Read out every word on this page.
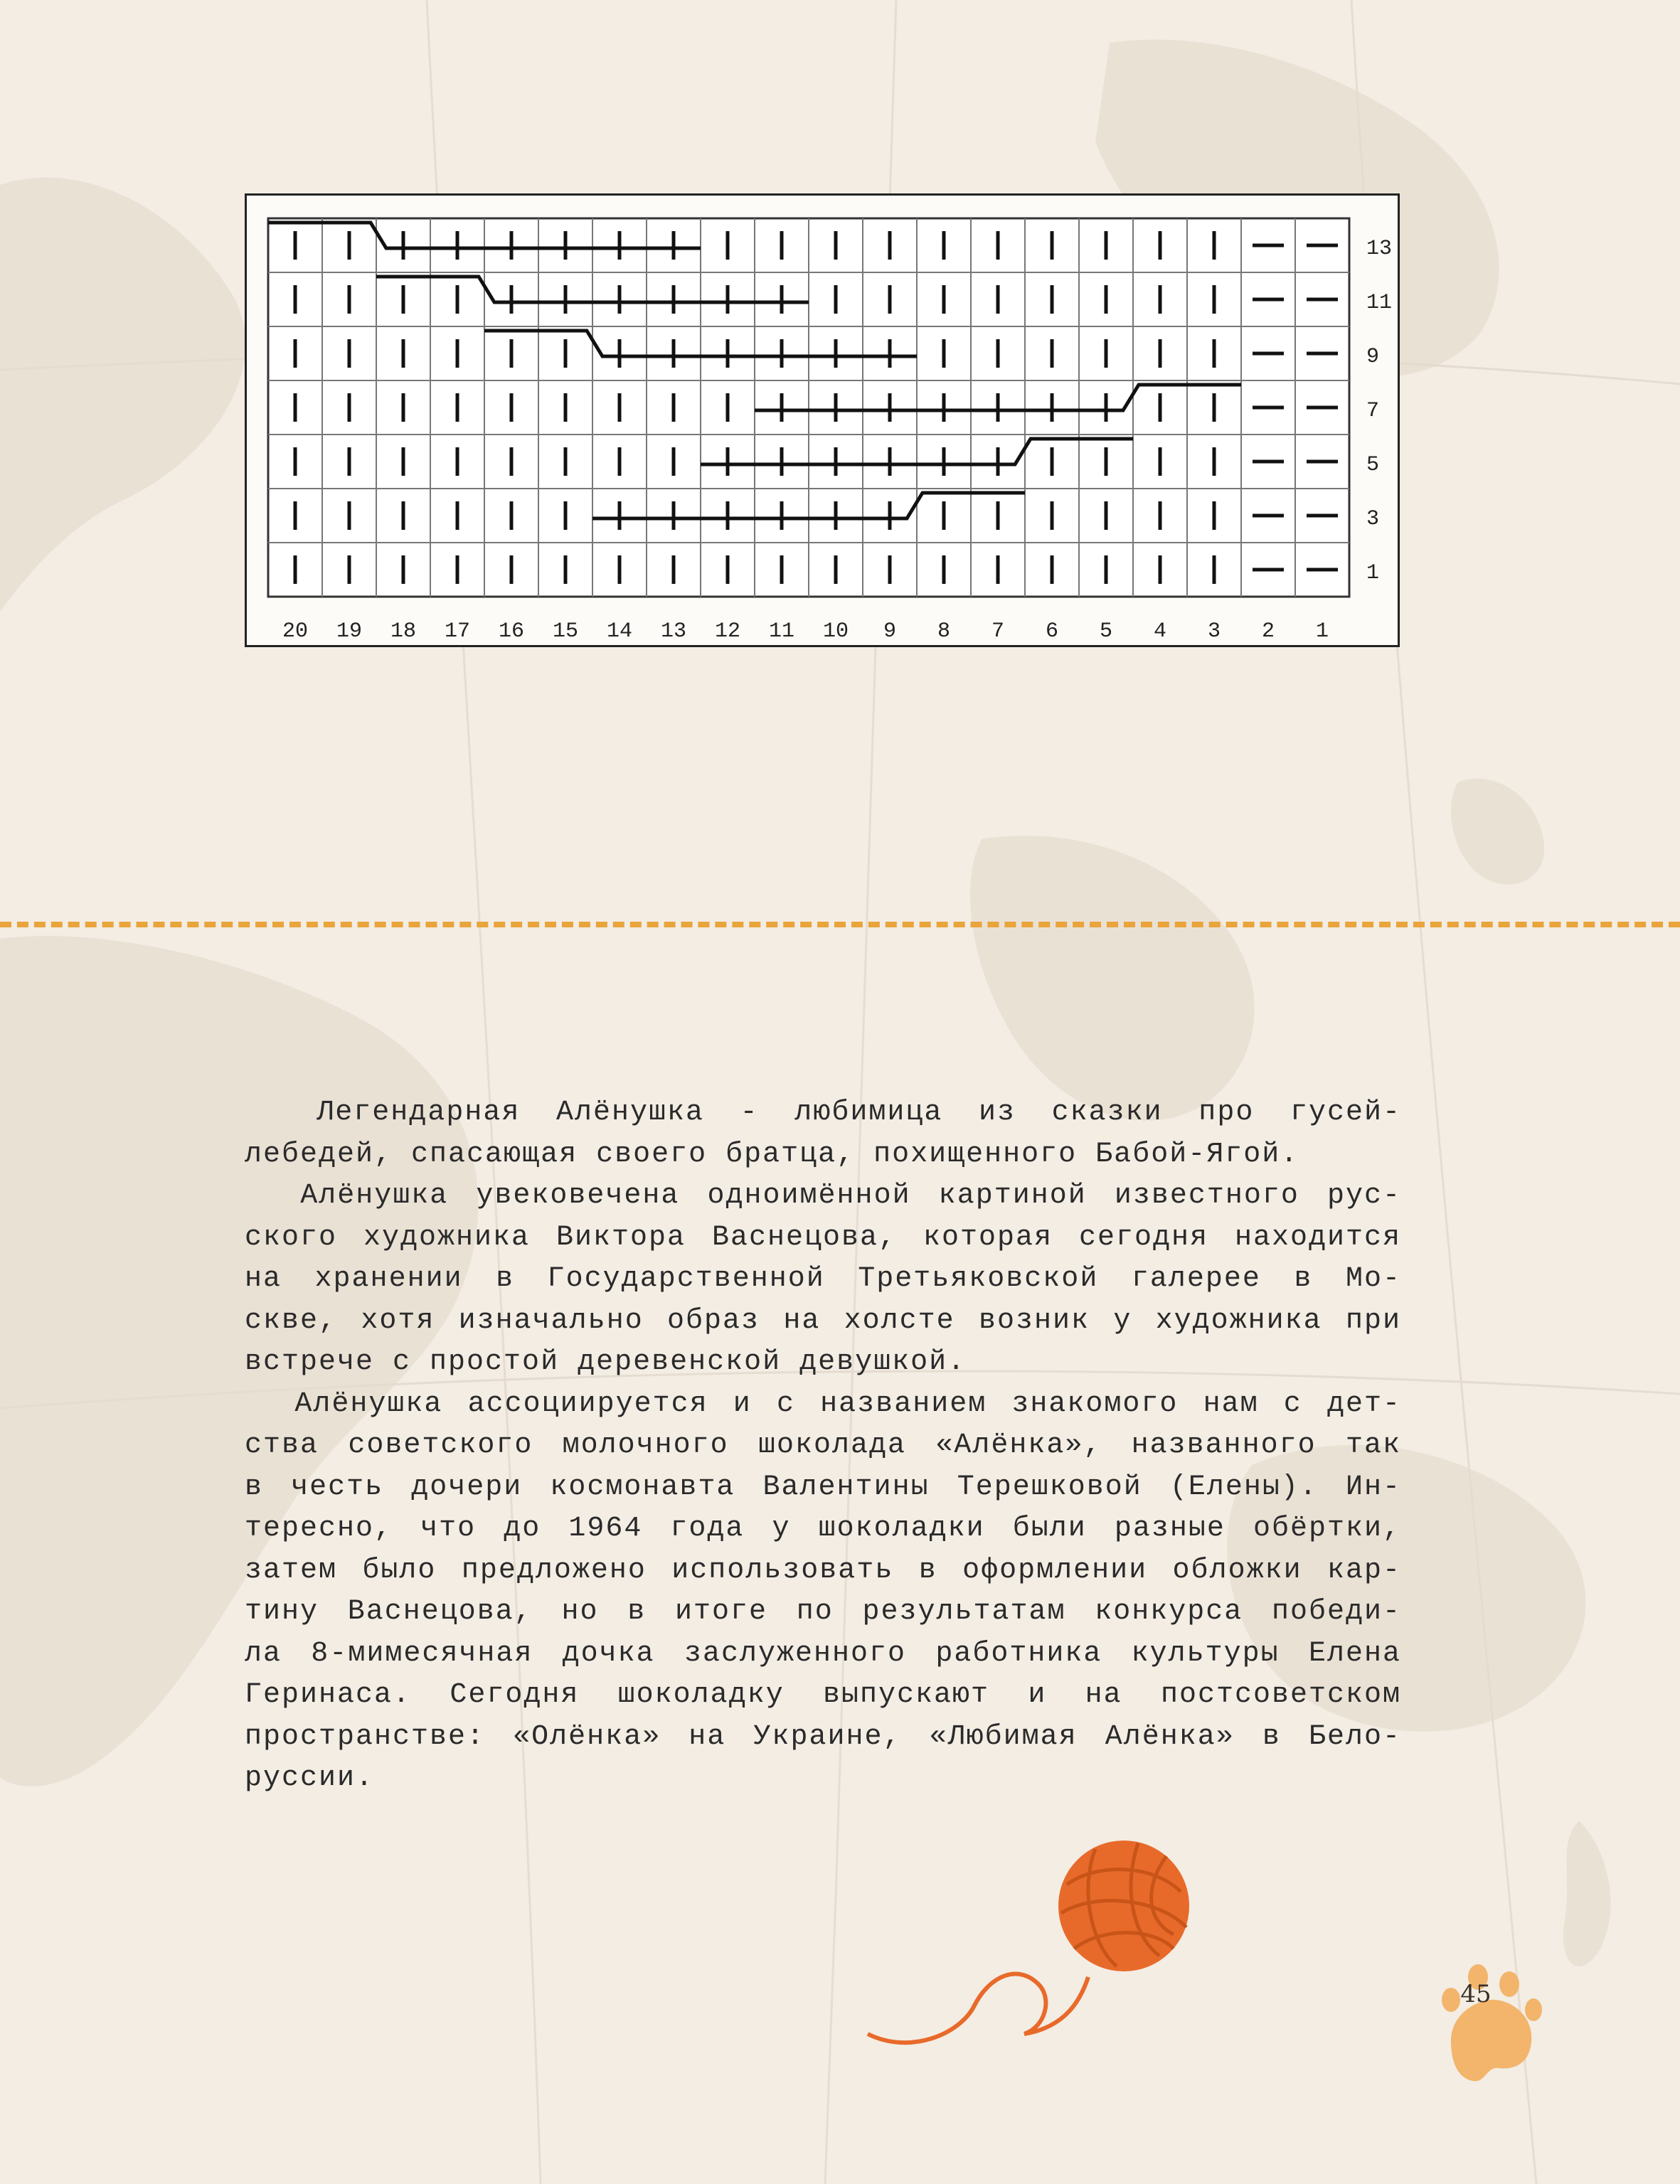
13
11
9
7
5
3
1
20 19 18 17 16 15 14 13 12 11 10 9 8 7 6 5 4 3 2 1
Легендарная Алёнушка - любимица из сказки про гусей-
лебедей, спасающая своего братца, похищенного Бабой-Ягой.
Алёнушка увековечена одноимённой картиной известного рус-
ского художника Виктора Васнецова, которая сегодня находится
на хранении в Государственной Третьяковской галерее в Мо-
скве, хотя изначально образ на холсте возник у художника при
встрече с простой деревенской девушкой.
Алёнушка ассоциируется и с названием знакомого нам с дет-
ства советского молочного шоколада «Алёнка», названного так
в честь дочери космонавта Валентины Терешковой (Елены). Ин-
тересно, что до 1964 года у шоколадки были разные обёртки,
затем было предложено использовать в оформлении обложки кар-
тину Васнецова, но в итоге по результатам конкурса победи-
ла 8-мимесячная дочка заслуженного работника культуры Елена
Геринаса. Сегодня шоколадку выпускают и на постсоветском
пространстве: «Олёнка» на Украине, «Любимая Алёнка» в Бело-
руссии.
45
